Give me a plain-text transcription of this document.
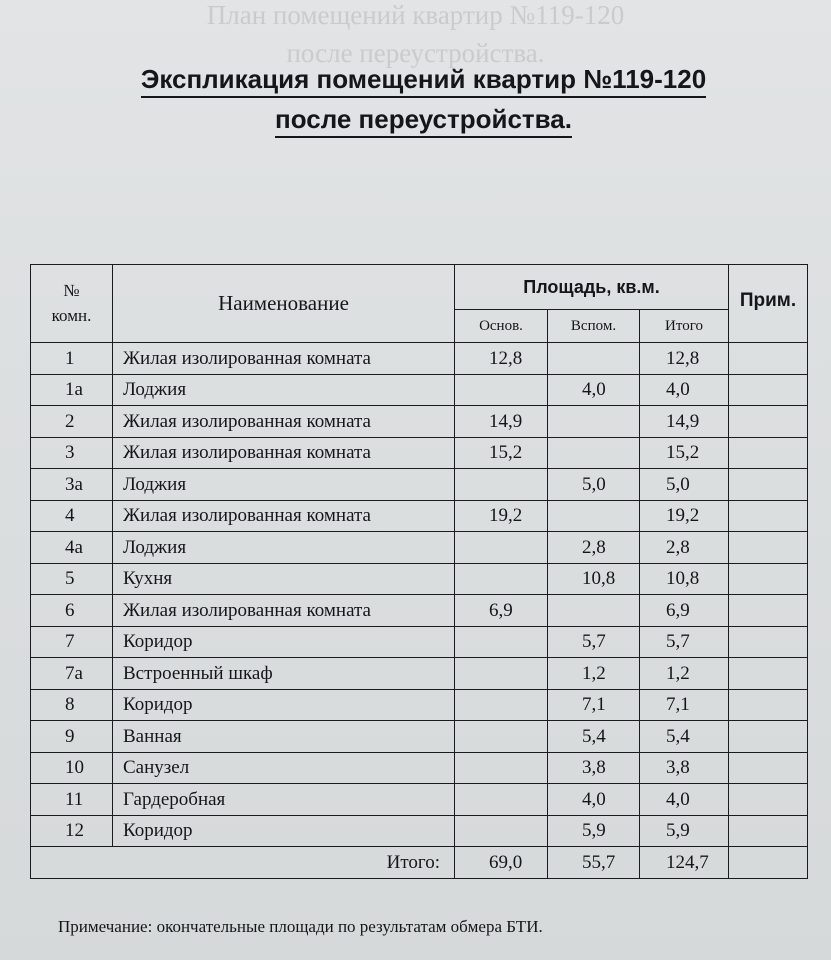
План помещений квартир №119-120
после переустройства.
Экспликация помещений квартир №119-120
после переустройства.
№
комн.	Наименование	Площадь, кв.м.			Прим.
		Основ.	Вспом.	Итого	
1	Жилая изолированная комната	12,8		12,8	
1а	Лоджия		4,0	4,0	
2	Жилая изолированная комната	14,9		14,9	
3	Жилая изолированная комната	15,2		15,2	
3а	Лоджия		5,0	5,0	
4	Жилая изолированная комната	19,2		19,2	
4а	Лоджия		2,8	2,8	
5	Кухня		10,8	10,8	
6	Жилая изолированная комната	6,9		6,9	
7	Коридор		5,7	5,7	
7а	Встроенный шкаф		1,2	1,2	
8	Коридор		7,1	7,1	
9	Ванная		5,4	5,4	
10	Санузел		3,8	3,8	
11	Гардеробная		4,0	4,0	
12	Коридор		5,9	5,9	
Итого:		69,0	55,7	124,7	
Примечание: окончательные площади по результатам обмера БТИ.
